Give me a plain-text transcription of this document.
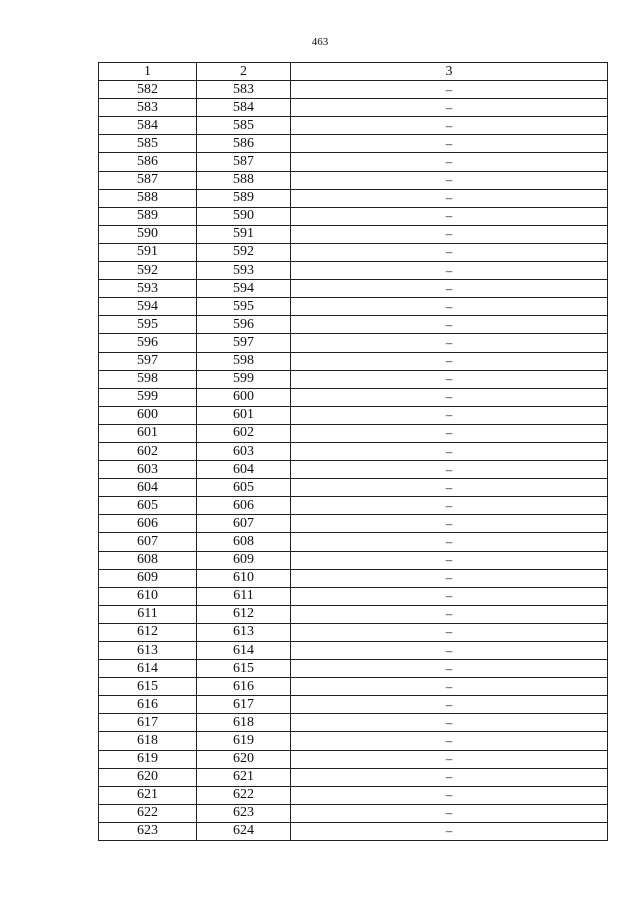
463
1	2	3
582	583	–
583	584	–
584	585	–
585	586	–
586	587	–
587	588	–
588	589	–
589	590	–
590	591	–
591	592	–
592	593	–
593	594	–
594	595	–
595	596	–
596	597	–
597	598	–
598	599	–
599	600	–
600	601	–
601	602	–
602	603	–
603	604	–
604	605	–
605	606	–
606	607	–
607	608	–
608	609	–
609	610	–
610	611	–
611	612	–
612	613	–
613	614	–
614	615	–
615	616	–
616	617	–
617	618	–
618	619	–
619	620	–
620	621	–
621	622	–
622	623	–
623	624	–
